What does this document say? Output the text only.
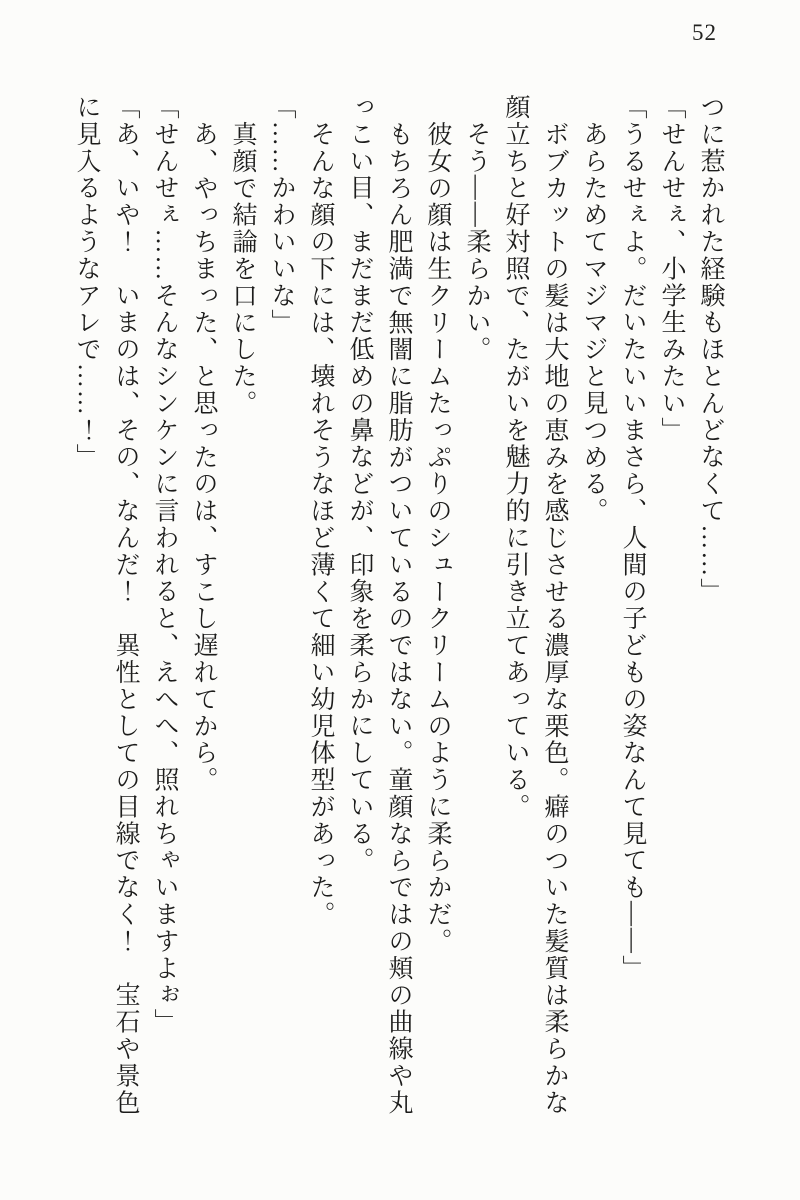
52

つに惹かれた経験もほとんどなくて……」

「せんせぇ、小学生みたい」

「うるせぇよ。だいたいいまさら、人間の子どもの姿なんて見ても——」

あらためてマジマジと見つめる。

ボブカットの髪は大地の恵みを感じさせる濃厚な栗色。癖のついた髪質は柔らかな顔立ちと好対照で、たがいを魅力的に引き立てあっている。

そう——柔らかい。

彼女の顔は生クリームたっぷりのシュークリームのように柔らかだ。

もちろん肥満で無闇に脂肪がついているのではない。童顔ならではの頬の曲線や丸っこい目、まだまだ低めの鼻などが、印象を柔らかにしている。

そんな顔の下には、壊れそうなほど薄くて細い幼児体型があった。

「……かわいいな」

真顔で結論を口にした。

あ、やっちまった、と思ったのは、すこし遅れてから。

「せんせぇ……そんなシンケンに言われると、えへへ、照れちゃいますよぉ」

「あ、いや！　いまのは、その、なんだ！　異性としての目線でなく！　宝石や景色に見入るようなアレで……！」
